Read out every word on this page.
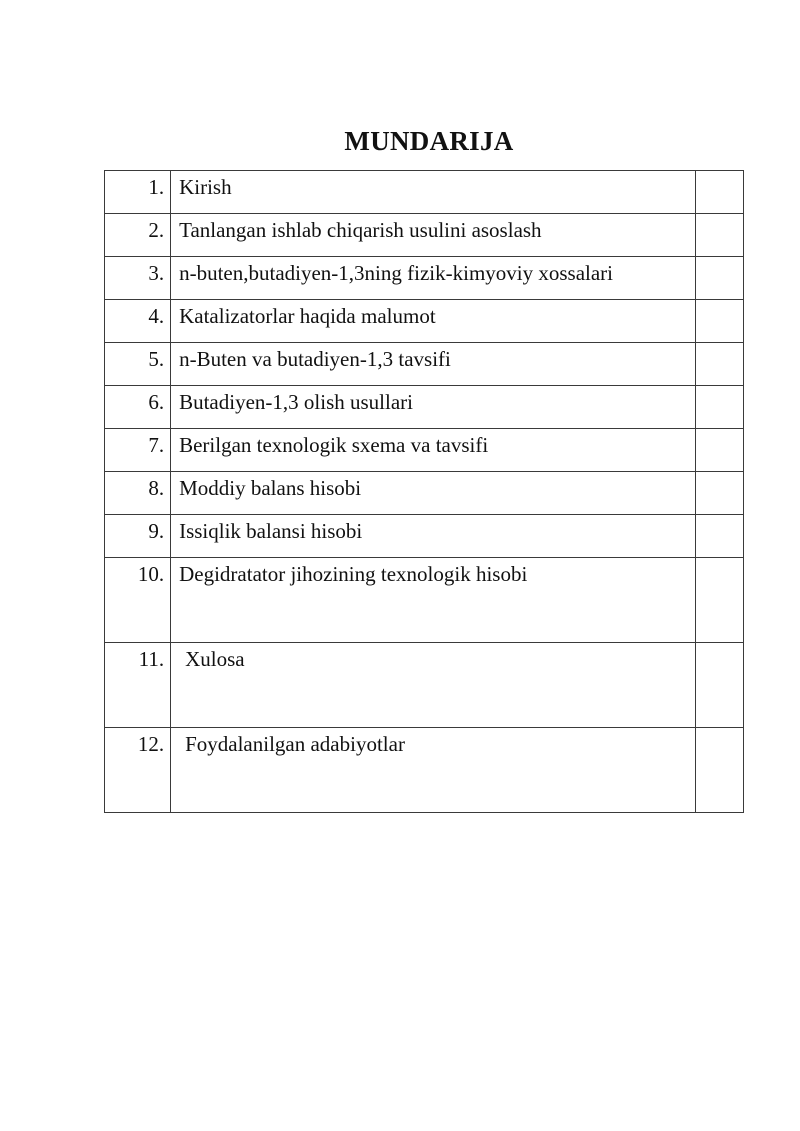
MUNDARIJA
1.	Kirish	
2.	Tanlangan ishlab chiqarish usulini asoslash	
3.	n-buten,butadiyen-1,3ning fizik-kimyoviy xossalari	
4.	Katalizatorlar haqida malumot	
5.	n-Buten va butadiyen-1,3 tavsifi	
6.	Butadiyen-1,3 olish usullari	
7.	Berilgan texnologik sxema va tavsifi	
8.	Moddiy balans hisobi	
9.	Issiqlik balansi hisobi	
10.	Degidratator jihozining texnologik hisobi	
11.	Xulosa	
12.	Foydalanilgan adabiyotlar	
